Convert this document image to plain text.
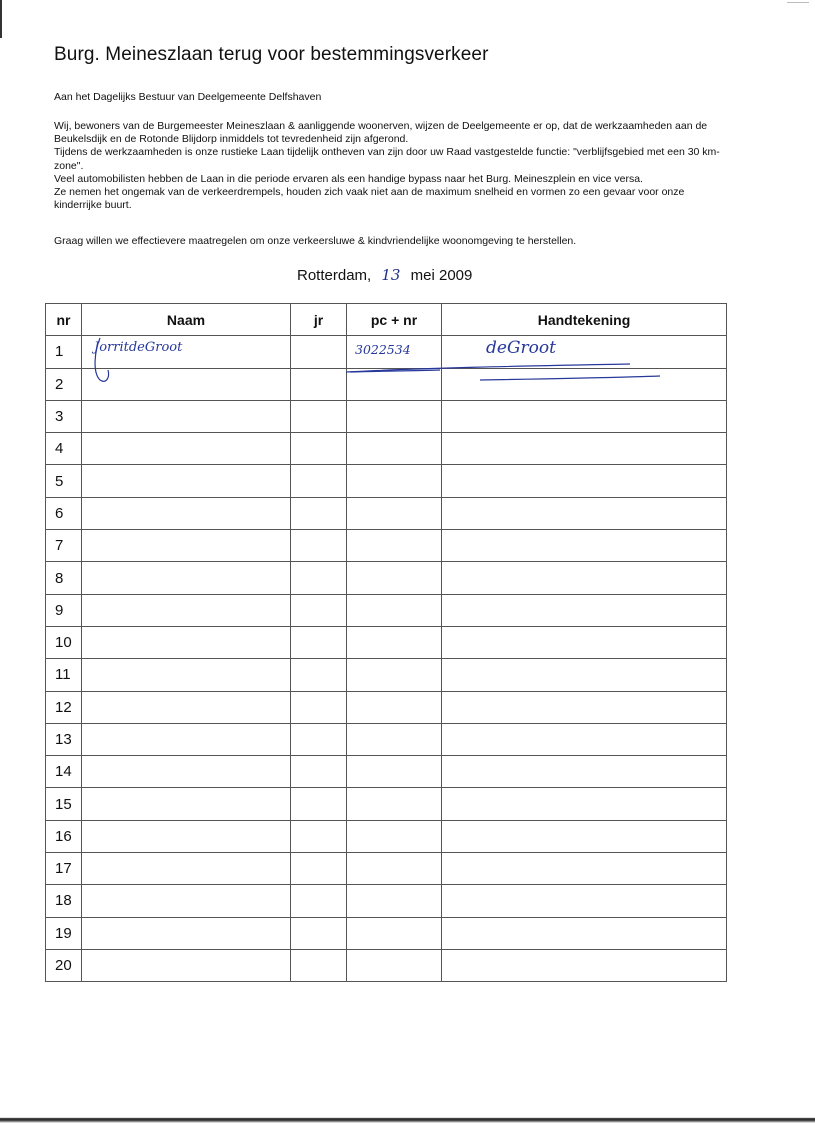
Burg. Meineszlaan terug voor bestemmingsverkeer
Aan het Dagelijks Bestuur van Deelgemeente Delfshaven

Wij, bewoners van de Burgemeester Meineszlaan & aanliggende woonerven, wijzen de Deelgemeente er op, dat de werkzaamheden aan de Beukelsdijk en de Rotonde Blijdorp inmiddels tot tevredenheid zijn afgerond.

Tijdens de werkzaamheden is onze rustieke Laan tijdelijk ontheven van zijn door uw Raad vastgestelde functie: "verblijfsgebied met een 30 km-zone".

Veel automobilisten hebben de Laan in die periode ervaren als een handige bypass naar het Burg. Meineszplein en vice versa.

Ze nemen het ongemak van de verkeerdrempels, houden zich vaak niet aan de maximum snelheid en vormen zo een gevaar voor onze kinderrijke buurt.

Graag willen we effectievere maatregelen om onze verkeersluwe & kindvriendelijke woonomgeving te herstellen.
Rotterdam, 13 mei 2009
nr	Naam	jr	pc + nr	Handtekening
1	JorritdeGroot		3022534	deGroot

2				
3				
4				
5				
6				
7				
8				
9				
10				
11				
12				
13				
14				
15				
16				
17				
18				
19				
20				
